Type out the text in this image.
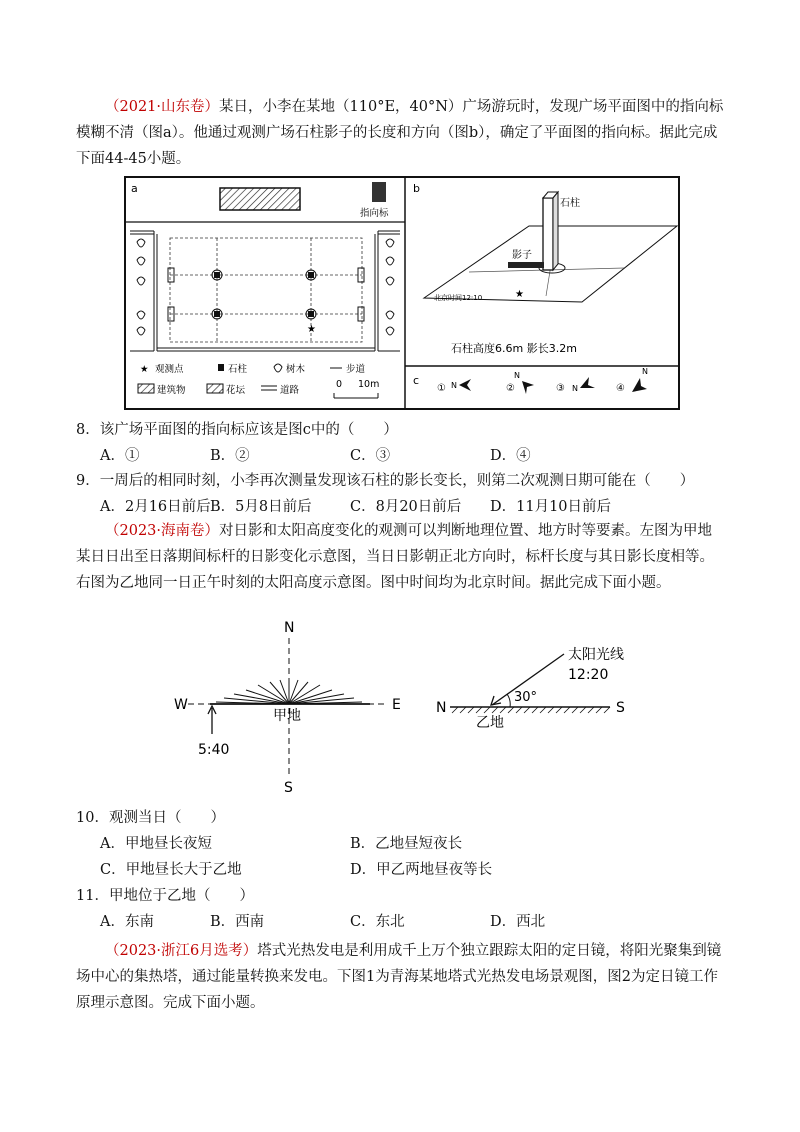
（2021·山东卷）某日，小李在某地（110°E，40°N）广场游玩时，发现广场平面图中的指向标模糊不清（图a）。他通过观测广场石柱影子的长度和方向（图b），确定了平面图的指向标。据此完成下面44-45小题。
a
指向标
★
★ 观测点	石柱	树木	步道
建筑物	花坛	道路
0 10m
b
石柱
影子
★
北京时间12:10
石柱高度6.6m 影长3.2m
c
① N	②
N
③ N	④
N
8．该广场平面图的指向标应该是图c中的（　　）
A．①	B．②	C．③	D．④
9．一周后的相同时刻，小李再次测量发现该石柱的影长变长，则第二次观测日期可能在（　　）
A．2月16日前后 B．5月8日前后	C．8月20日前后 D．11月10日前后
（2023·海南卷）对日影和太阳高度变化的观测可以判断地理位置、地方时等要素。左图为甲地某日日出至日落期间标杆的日影变化示意图，当日日影朝正北方向时，标杆长度与其日影长度相等。右图为乙地同一日正午时刻的太阳高度示意图。图中时间均为北京时间。据此完成下面小题。
N
S
W	E
甲地
5:40
N	S
30°
太阳光线
12:20
乙地
10．观测当日（　　）
A．甲地昼长夜短	B．乙地昼短夜长
C．甲地昼长大于乙地	D．甲乙两地昼夜等长
11．甲地位于乙地（　　）
A．东南	B．西南	C．东北	D．西北
（2023·浙江6月选考）塔式光热发电是利用成千上万个独立跟踪太阳的定日镜，将阳光聚集到镜场中心的集热塔，通过能量转换来发电。下图1为青海某地塔式光热发电场景观图，图2为定日镜工作原理示意图。完成下面小题。
